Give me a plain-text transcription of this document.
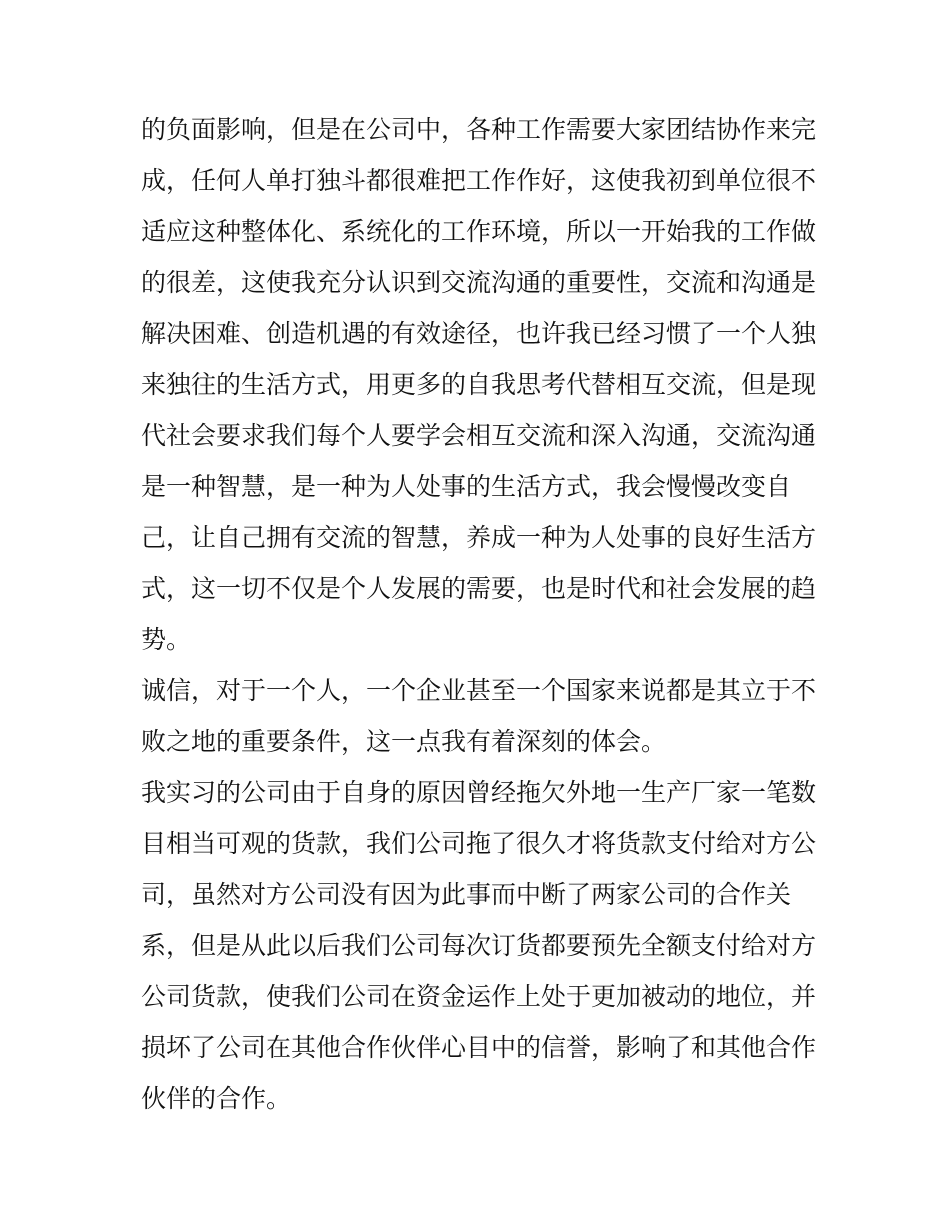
的负面影响，但是在公司中，各种工作需要大家团结协作来完
成，任何人单打独斗都很难把工作作好，这使我初到单位很不
适应这种整体化、系统化的工作环境，所以一开始我的工作做
的很差，这使我充分认识到交流沟通的重要性，交流和沟通是
解决困难、创造机遇的有效途径，也许我已经习惯了一个人独
来独往的生活方式，用更多的自我思考代替相互交流，但是现
代社会要求我们每个人要学会相互交流和深入沟通，交流沟通
是一种智慧，是一种为人处事的生活方式，我会慢慢改变自
己，让自己拥有交流的智慧，养成一种为人处事的良好生活方
式，这一切不仅是个人发展的需要，也是时代和社会发展的趋
势。
诚信，对于一个人，一个企业甚至一个国家来说都是其立于不
败之地的重要条件，这一点我有着深刻的体会。
我实习的公司由于自身的原因曾经拖欠外地一生产厂家一笔数
目相当可观的货款，我们公司拖了很久才将货款支付给对方公
司，虽然对方公司没有因为此事而中断了两家公司的合作关
系，但是从此以后我们公司每次订货都要预先全额支付给对方
公司货款，使我们公司在资金运作上处于更加被动的地位，并
损坏了公司在其他合作伙伴心目中的信誉，影响了和其他合作
伙伴的合作。
